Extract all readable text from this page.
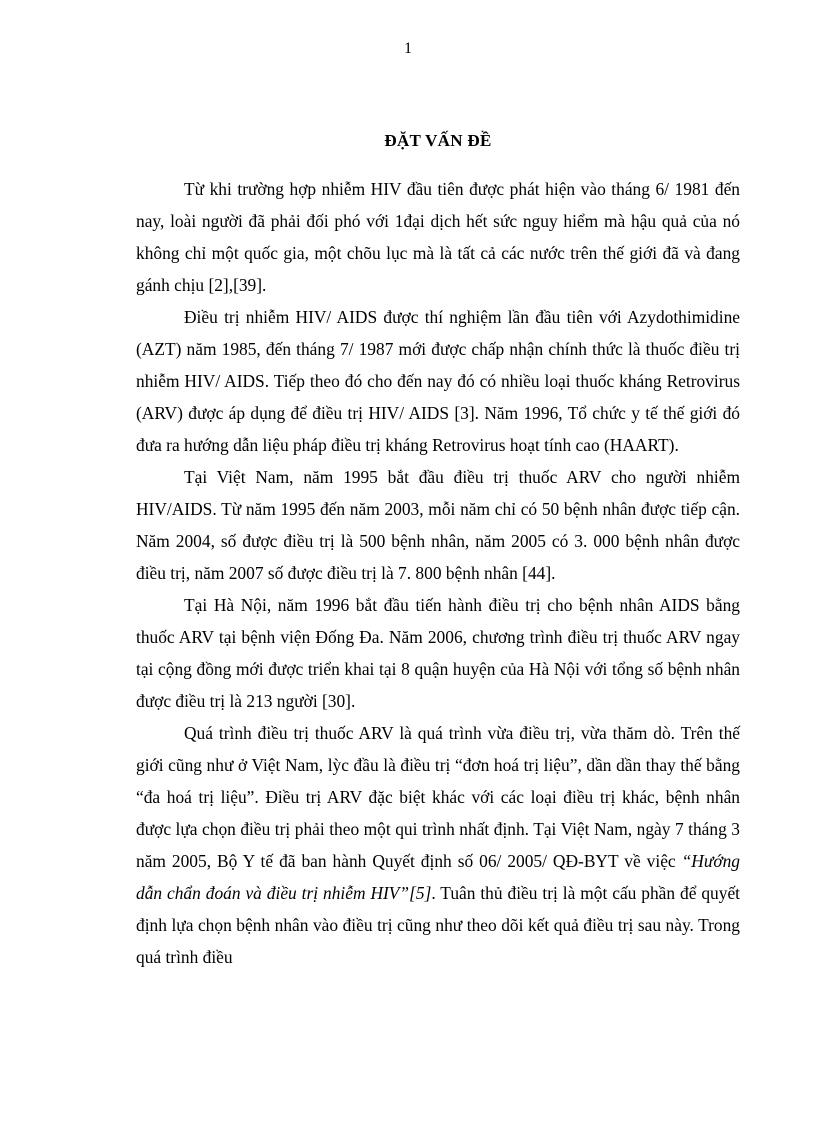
1
ĐẶT VẤN ĐỀ

Từ khi trường hợp nhiễm HIV đầu tiên được phát hiện vào tháng 6/ 1981 đến nay, loài người đã phải đối phó với 1đại dịch hết sức nguy hiểm mà hậu quả của nó không chỉ một quốc gia, một chõu lục mà là tất cả các nước trên thế giới đã và đang gánh chịu [2],[39].

Điều trị nhiễm HIV/ AIDS được thí nghiệm lần đầu tiên với Azydothimidine (AZT) năm 1985, đến tháng 7/ 1987 mới được chấp nhận chính thức là thuốc điều trị nhiễm HIV/ AIDS. Tiếp theo đó cho đến nay đó có nhiều loại thuốc kháng Retrovirus (ARV) được áp dụng để điều trị HIV/ AIDS [3]. Năm 1996, Tổ chức y tế thế giới đó đưa ra hướng dẫn liệu pháp điều trị kháng Retrovirus hoạt tính cao (HAART).

Tại Việt Nam, năm 1995 bắt đầu điều trị thuốc ARV cho người nhiễm HIV/AIDS. Từ năm 1995 đến năm 2003, mỗi năm chỉ có 50 bệnh nhân được tiếp cận. Năm 2004, số được điều trị là 500 bệnh nhân, năm 2005 có 3. 000 bệnh nhân được điều trị, năm 2007 số được điều trị là 7. 800 bệnh nhân [44].

Tại Hà Nội, năm 1996 bắt đầu tiến hành điều trị cho bệnh nhân AIDS bằng thuốc ARV tại bệnh viện Đống Đa. Năm 2006, chương trình điều trị thuốc ARV ngay tại cộng đồng mới được triển khai tại 8 quận huyện của Hà Nội với tổng số bệnh nhân được điều trị là 213 người [30].

Quá trình điều trị thuốc ARV là quá trình vừa điều trị, vừa thăm dò. Trên thế giới cũng như ở Việt Nam, lỳc đầu là điều trị “đơn hoá trị liệu”, dần dần thay thế bằng “đa hoá trị liệu”. Điều trị ARV đặc biệt khác với các loại điều trị khác, bệnh nhân được lựa chọn điều trị phải theo một qui trình nhất định. Tại Việt Nam, ngày 7 tháng 3 năm 2005, Bộ Y tế đã ban hành Quyết định số 06/ 2005/ QĐ-BYT về việc “Hướng dẫn chẩn đoán và điều trị nhiễm HIV”[5]. Tuân thủ điều trị là một cấu phần để quyết định lựa chọn bệnh nhân vào điều trị cũng như theo dõi kết quả điều trị sau này. Trong quá trình điều
